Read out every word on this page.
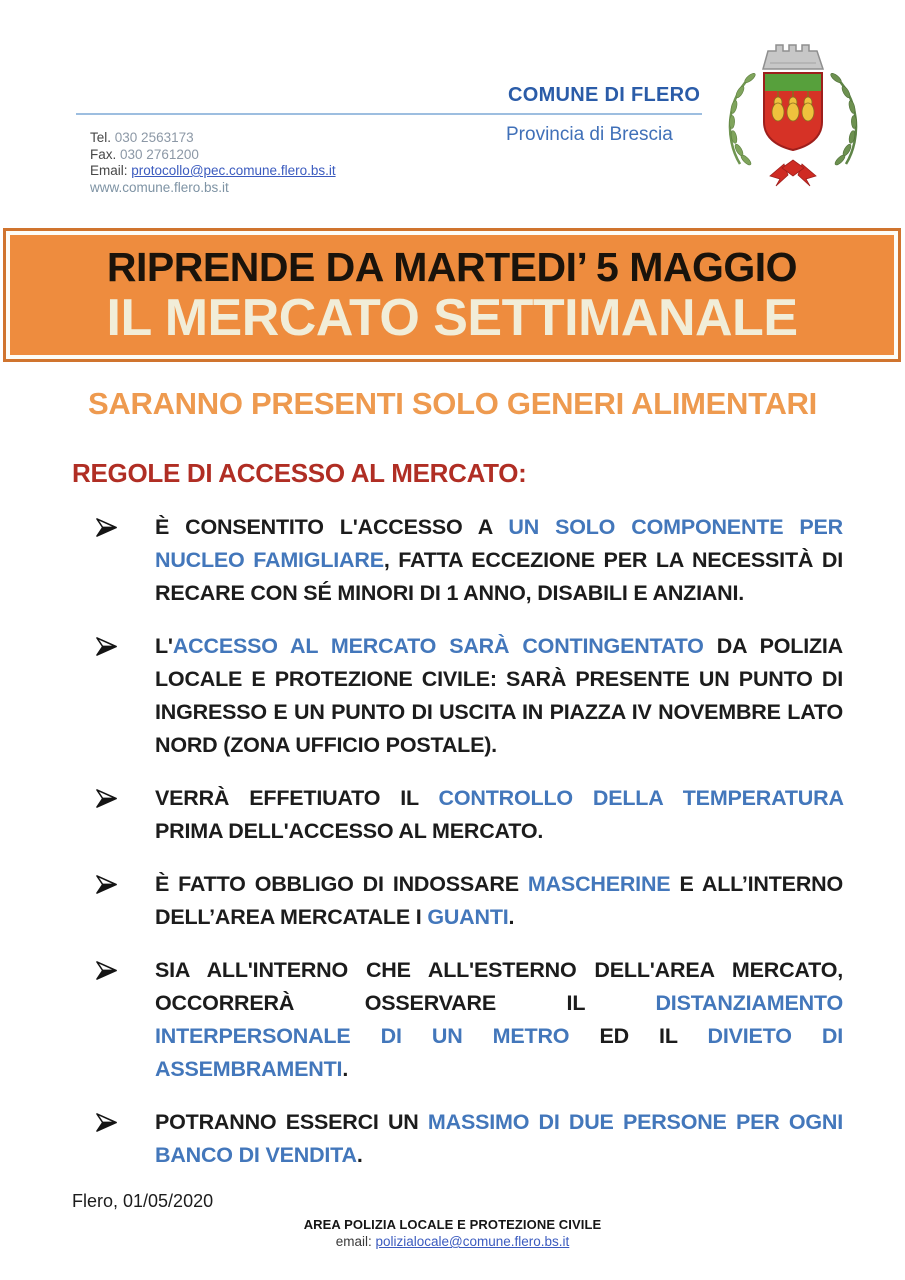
COMUNE DI FLERO
Provincia di Brescia
Tel. 030 2563173
Fax. 030 2761200
Email: protocollo@pec.comune.flero.bs.it
www.comune.flero.bs.it
RIPRENDE DA MARTEDI’ 5 MAGGIO
IL MERCATO SETTIMANALE
SARANNO PRESENTI SOLO GENERI ALIMENTARI
REGOLE DI ACCESSO AL MERCATO:

È CONSENTITO L'ACCESSO A UN SOLO COMPONENTE PER NUCLEO FAMIGLIARE, FATTA ECCEZIONE PER LA NECESSITÀ DI RECARE CON SÉ MINORI DI 1 ANNO, DISABILI E ANZIANI.

L'ACCESSO AL MERCATO SARÀ CONTINGENTATO DA POLIZIA LOCALE E PROTEZIONE CIVILE: SARÀ PRESENTE UN PUNTO DI INGRESSO E UN PUNTO DI USCITA IN PIAZZA IV NOVEMBRE LATO NORD (ZONA UFFICIO POSTALE).

VERRÀ EFFETIUATO IL CONTROLLO DELLA TEMPERATURA PRIMA DELL'ACCESSO AL MERCATO.

È FATTO OBBLIGO DI INDOSSARE MASCHERINE E ALL’INTERNO DELL’AREA MERCATALE I GUANTI.

SIA ALL'INTERNO CHE ALL'ESTERNO DELL'AREA MERCATO, OCCORRERÀ OSSERVARE IL DISTANZIAMENTO INTERPERSONALE DI UN METRO ED IL DIVIETO DI ASSEMBRAMENTI.

POTRANNO ESSERCI UN MASSIMO DI DUE PERSONE PER OGNI BANCO DI VENDITA.

Flero, 01/05/2020
AREA POLIZIA LOCALE E PROTEZIONE CIVILE
email: polizialocale@comune.flero.bs.it
